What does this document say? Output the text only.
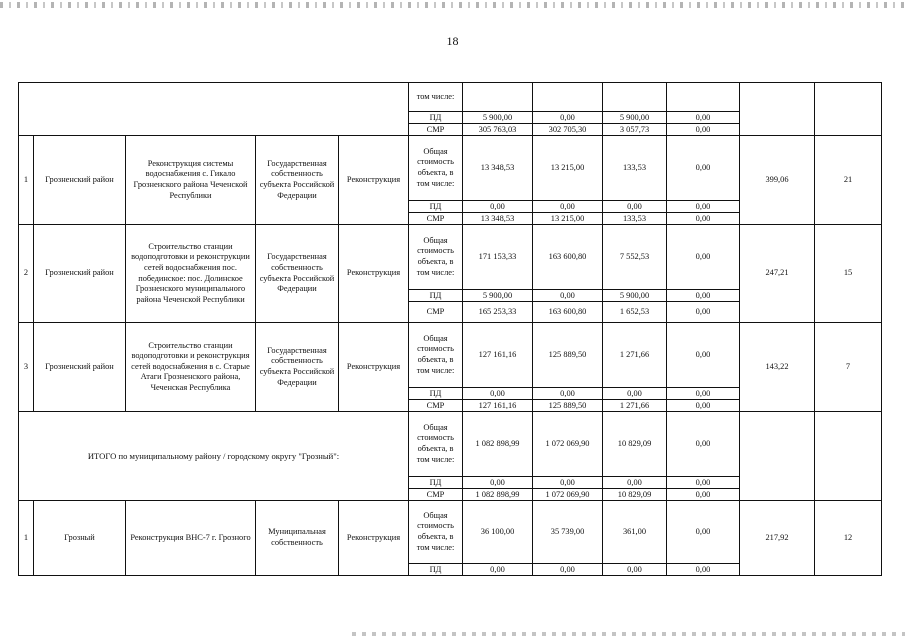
18
					том числе:						
					ПД	5 900,00	0,00	5 900,00	0,00		
					СМР	305 763,03	302 705,30	3 057,73	0,00		
1	Грозненский район	Реконструкция системы водоснабжения с. Гикало Грозненского района Чеченской Республики	Государственная собственность субъекта Российской Федерации	Реконструкция	Общая стоимость объекта, в том числе:	13 348,53	13 215,00	133,53	0,00	399,06	21
					ПД	0,00	0,00	0,00	0,00		
					СМР	13 348,53	13 215,00	133,53	0,00		
2	Грозненский район	Строительство станции водоподготовки и реконструкции сетей водоснабжения пос. побединское: пос. Долинское Грозненского муниципального района Чеченской Республики	Государственная собственность субъекта Российской Федерации	Реконструкция	Общая стоимость объекта, в том числе:	171 153,33	163 600,80	7 552,53	0,00	247,21	15
					ПД	5 900,00	0,00	5 900,00	0,00		
					СМР	165 253,33	163 600,80	1 652,53	0,00		
3	Грозненский район	Строительство станции водоподготовки и реконструкция сетей водоснабжения в с. Старые Атаги Грозненского района, Чеченская Республика	Государственная собственность субъекта Российской Федерации	Реконструкция	Общая стоимость объекта, в том числе:	127 161,16	125 889,50	1 271,66	0,00	143,22	7
					ПД	0,00	0,00	0,00	0,00		
					СМР	127 161,16	125 889,50	1 271,66	0,00		
ИТОГО по муниципальному району / городскому округу "Грозный":					Общая стоимость объекта, в том числе:	1 082 898,99	1 072 069,90	10 829,09	0,00		
					ПД	0,00	0,00	0,00	0,00		
					СМР	1 082 898,99	1 072 069,90	10 829,09	0,00		
1	Грозный	Реконструкция ВНС-7 г. Грозного	Муниципальная собственность	Реконструкция	Общая стоимость объекта, в том числе:	36 100,00	35 739,00	361,00	0,00	217,92	12
					ПД	0,00	0,00	0,00	0,00		
